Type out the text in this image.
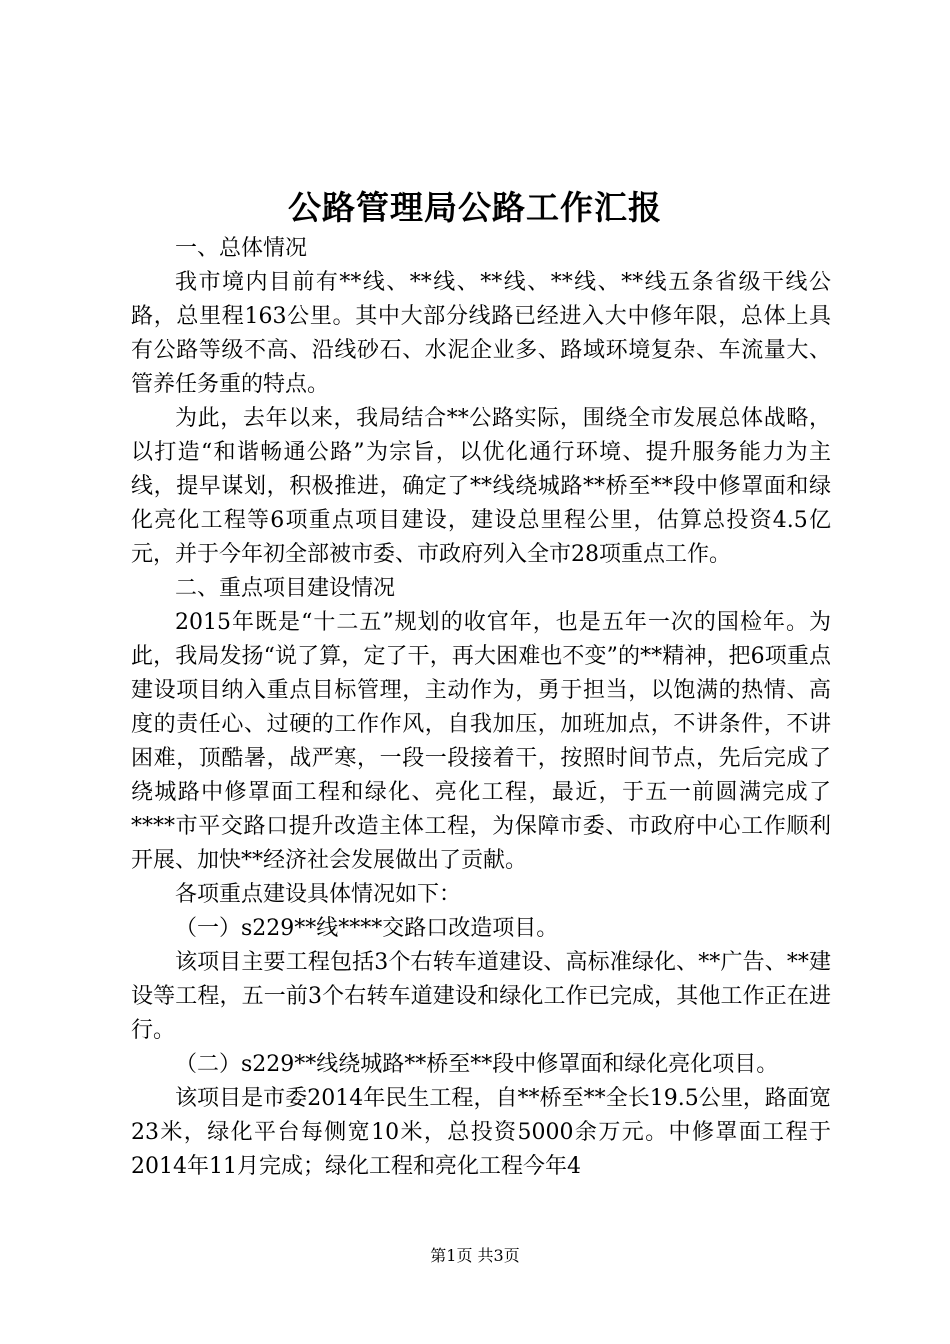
公路管理局公路工作汇报

一、总体情况

我市境内目前有**线、**线、**线、**线、**线五条省级干线公路，总里程163公里。其中大部分线路已经进入大中修年限，总体上具有公路等级不高、沿线砂石、水泥企业多、路域环境复杂、车流量大、管养任务重的特点。

为此，去年以来，我局结合**公路实际，围绕全市发展总体战略，以打造“和谐畅通公路”为宗旨，以优化通行环境、提升服务能力为主线，提早谋划，积极推进，确定了**线绕城路**桥至**段中修罩面和绿化亮化工程等6项重点项目建设，建设总里程公里，估算总投资4.5亿元，并于今年初全部被市委、市政府列入全市28项重点工作。

二、重点项目建设情况

2015年既是“十二五”规划的收官年，也是五年一次的国检年。为此，我局发扬“说了算，定了干，再大困难也不变”的**精神，把6项重点建设项目纳入重点目标管理，主动作为，勇于担当，以饱满的热情、高度的责任心、过硬的工作作风，自我加压，加班加点，不讲条件，不讲困难，顶酷暑，战严寒，一段一段接着干，按照时间节点，先后完成了绕城路中修罩面工程和绿化、亮化工程，最近，于五一前圆满完成了****市平交路口提升改造主体工程，为保障市委、市政府中心工作顺利开展、加快**经济社会发展做出了贡献。

各项重点建设具体情况如下：

（一）s229**线****交路口改造项目。

该项目主要工程包括3个右转车道建设、高标准绿化、**广告、**建设等工程，五一前3个右转车道建设和绿化工作已完成，其他工作正在进行。

（二）s229**线绕城路**桥至**段中修罩面和绿化亮化项目。

该项目是市委2014年民生工程，自**桥至**全长19.5公里，路面宽23米，绿化平台每侧宽10米，总投资5000余万元。中修罩面工程于2014年11月完成；绿化工程和亮化工程今年4

第1页 共3页
